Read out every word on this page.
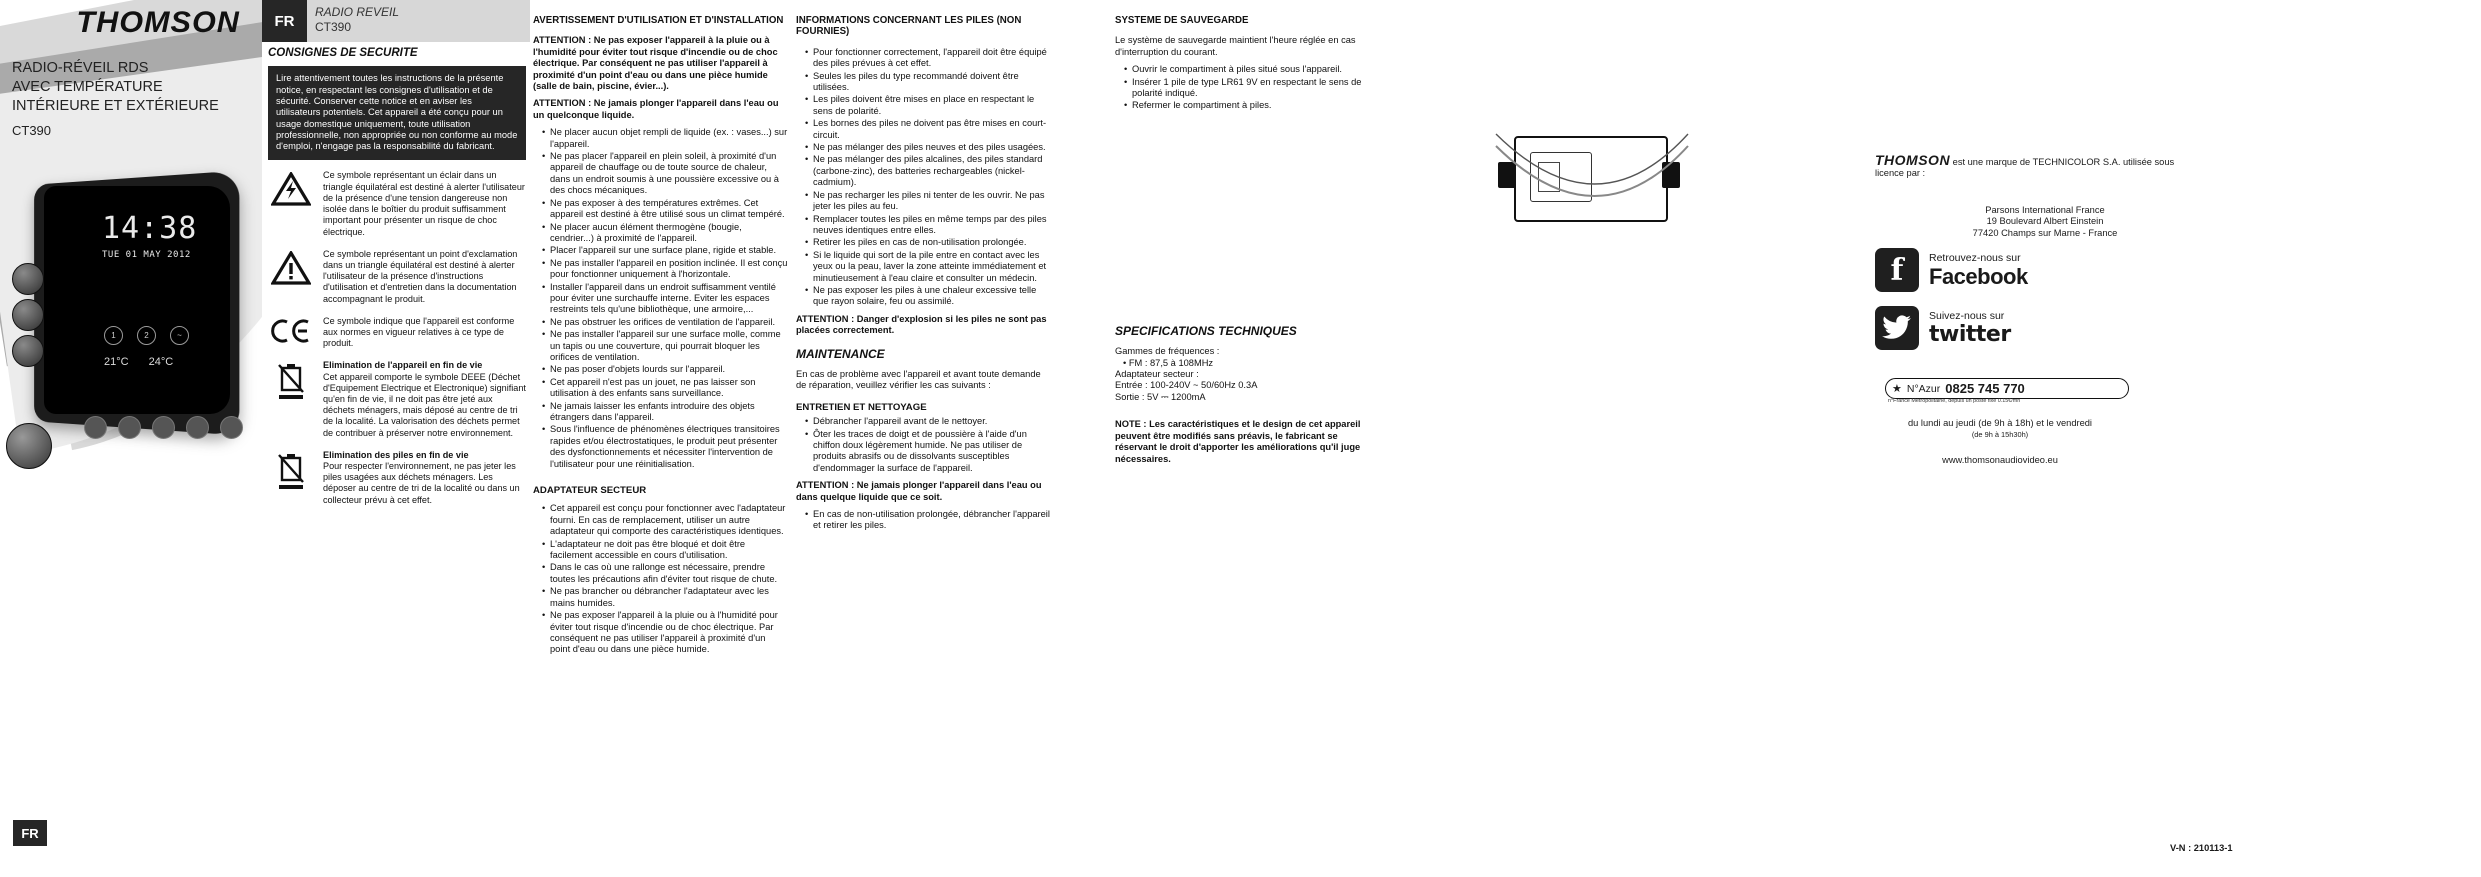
THOMSON
RADIO-RÉVEIL RDS
AVEC TEMPÉRATURE
INTÉRIEURE ET EXTÉRIEURE
CT390
14:38
TUE 01 MAY 2012
1	2	~
21°C 24°C
FR
FR
RADIO REVEIL
CT390
CONSIGNES DE SECURITE
Lire attentivement toutes les instructions de la présente notice, en respectant les consignes d'utilisation et de sécurité. Conserver cette notice et en aviser les utilisateurs potentiels. Cet appareil a été conçu pour un usage domestique uniquement, toute utilisation professionnelle, non appropriée ou non conforme au mode d'emploi, n'engage pas la responsabilité du fabricant.
Ce symbole représentant un éclair dans un triangle équilatéral est destiné à alerter l'utilisateur de la présence d'une tension dangereuse non isolée dans le boîtier du produit suffisamment important pour présenter un risque de choc électrique.
Ce symbole représentant un point d'exclamation dans un triangle équilatéral est destiné à alerter l'utilisateur de la présence d'instructions d'utilisation et d'entretien dans la documentation accompagnant le produit.
Ce symbole indique que l'appareil est conforme aux normes en vigueur relatives à ce type de produit.
Elimination de l'appareil en fin de vie
Cet appareil comporte le symbole DEEE (Déchet d'Equipement Electrique et Electronique) signifiant qu'en fin de vie, il ne doit pas être jeté aux déchets ménagers, mais déposé au centre de tri de la localité. La valorisation des déchets permet de contribuer à préserver notre environnement.
Elimination des piles en fin de vie
Pour respecter l'environnement, ne pas jeter les piles usagées aux déchets ménagers. Les déposer au centre de tri de la localité ou dans un collecteur prévu à cet effet.
AVERTISSEMENT D'UTILISATION ET D'INSTALLATION

ATTENTION : Ne pas exposer l'appareil à la pluie ou à l'humidité pour éviter tout risque d'incendie ou de choc électrique. Par conséquent ne pas utiliser l'appareil à proximité d'un point d'eau ou dans une pièce humide (salle de bain, piscine, évier...).

ATTENTION : Ne jamais plonger l'appareil dans l'eau ou un quelconque liquide.

• Ne placer aucun objet rempli de liquide (ex. : vases...) sur l'appareil.
• Ne pas placer l'appareil en plein soleil, à proximité d'un appareil de chauffage ou de toute source de chaleur, dans un endroit soumis à une poussière excessive ou à des chocs mécaniques.
• Ne pas exposer à des températures extrêmes. Cet appareil est destiné à être utilisé sous un climat tempéré.
• Ne placer aucun élément thermogène (bougie, cendrier...) à proximité de l'appareil.
• Placer l'appareil sur une surface plane, rigide et stable.
• Ne pas installer l'appareil en position inclinée. Il est conçu pour fonctionner uniquement à l'horizontale.
• Installer l'appareil dans un endroit suffisamment ventilé pour éviter une surchauffe interne. Eviter les espaces restreints tels qu'une bibliothèque, une armoire,...
• Ne pas obstruer les orifices de ventilation de l'appareil.
• Ne pas installer l'appareil sur une surface molle, comme un tapis ou une couverture, qui pourrait bloquer les orifices de ventilation.
• Ne pas poser d'objets lourds sur l'appareil.
• Cet appareil n'est pas un jouet, ne pas laisser son utilisation à des enfants sans surveillance.
• Ne jamais laisser les enfants introduire des objets étrangers dans l'appareil.
• Sous l'influence de phénomènes électriques transitoires rapides et/ou électrostatiques, le produit peut présenter des dysfonctionnements et nécessiter l'intervention de l'utilisateur pour une réinitialisation.
ADAPTATEUR SECTEUR
• Cet appareil est conçu pour fonctionner avec l'adaptateur fourni. En cas de remplacement, utiliser un autre adaptateur qui comporte des caractéristiques identiques.
• L'adaptateur ne doit pas être bloqué et doit être facilement accessible en cours d'utilisation.
• Dans le cas où une rallonge est nécessaire, prendre toutes les précautions afin d'éviter tout risque de chute.
• Ne pas brancher ou débrancher l'adaptateur avec les mains humides.
• Ne pas exposer l'appareil à la pluie ou à l'humidité pour éviter tout risque d'incendie ou de choc électrique. Par conséquent ne pas utiliser l'appareil à proximité d'un point d'eau ou dans une pièce humide.
INFORMATIONS CONCERNANT LES PILES (NON FOURNIES)
• Pour fonctionner correctement, l'appareil doit être équipé des piles prévues à cet effet.
• Seules les piles du type recommandé doivent être utilisées.
• Les piles doivent être mises en place en respectant le sens de polarité.
• Les bornes des piles ne doivent pas être mises en court-circuit.
• Ne pas mélanger des piles neuves et des piles usagées.
• Ne pas mélanger des piles alcalines, des piles standard (carbone-zinc), des batteries rechargeables (nickel-cadmium).
• Ne pas recharger les piles ni tenter de les ouvrir. Ne pas jeter les piles au feu.
• Remplacer toutes les piles en même temps par des piles neuves identiques entre elles.
• Retirer les piles en cas de non-utilisation prolongée.
• Si le liquide qui sort de la pile entre en contact avec les yeux ou la peau, laver la zone atteinte immédiatement et minutieusement à l'eau claire et consulter un médecin.
• Ne pas exposer les piles à une chaleur excessive telle que rayon solaire, feu ou assimilé.

ATTENTION : Danger d'explosion si les piles ne sont pas placées correctement.

MAINTENANCE

En cas de problème avec l'appareil et avant toute demande de réparation, veuillez vérifier les cas suivants :

ENTRETIEN ET NETTOYAGE
• Débrancher l'appareil avant de le nettoyer.
• Ôter les traces de doigt et de poussière à l'aide d'un chiffon doux légèrement humide. Ne pas utiliser de produits abrasifs ou de dissolvants susceptibles d'endommager la surface de l'appareil.

ATTENTION : Ne jamais plonger l'appareil dans l'eau ou dans quelque liquide que ce soit.

• En cas de non-utilisation prolongée, débrancher l'appareil et retirer les piles.
SYSTEME DE SAUVEGARDE

Le système de sauvegarde maintient l'heure réglée en cas d'interruption du courant.

• Ouvrir le compartiment à piles situé sous l'appareil.
• Insérer 1 pile de type LR61 9V en respectant le sens de polarité indiqué.
• Refermer le compartiment à piles.
SPECIFICATIONS TECHNIQUES
Gammes de fréquences :
• FM : 87,5 à 108MHz
Adaptateur secteur :
Entrée : 100-240V ~ 50/60Hz 0.3A
Sortie : 5V ⎓ 1200mA

NOTE : Les caractéristiques et le design de cet appareil peuvent être modifiés sans préavis, le fabricant se réservant le droit d'apporter les améliorations qu'il juge nécessaires.

THOMSON est une marque de TECHNICOLOR S.A. utilisée sous licence par :
Parsons International France
19 Boulevard Albert Einstein
77420 Champs sur Marne - France
f	Retrouvez-nous sur
Facebook
Suivez-nous sur
twitter
★ N°Azur 0825 745 770
n°France Métropolitaine, depuis un poste fixe 0.15€/mn
du lundi au jeudi (de 9h à 18h) et le vendredi
(de 9h à 15h30h)
www.thomsonaudiovideo.eu
V-N : 210113-1
